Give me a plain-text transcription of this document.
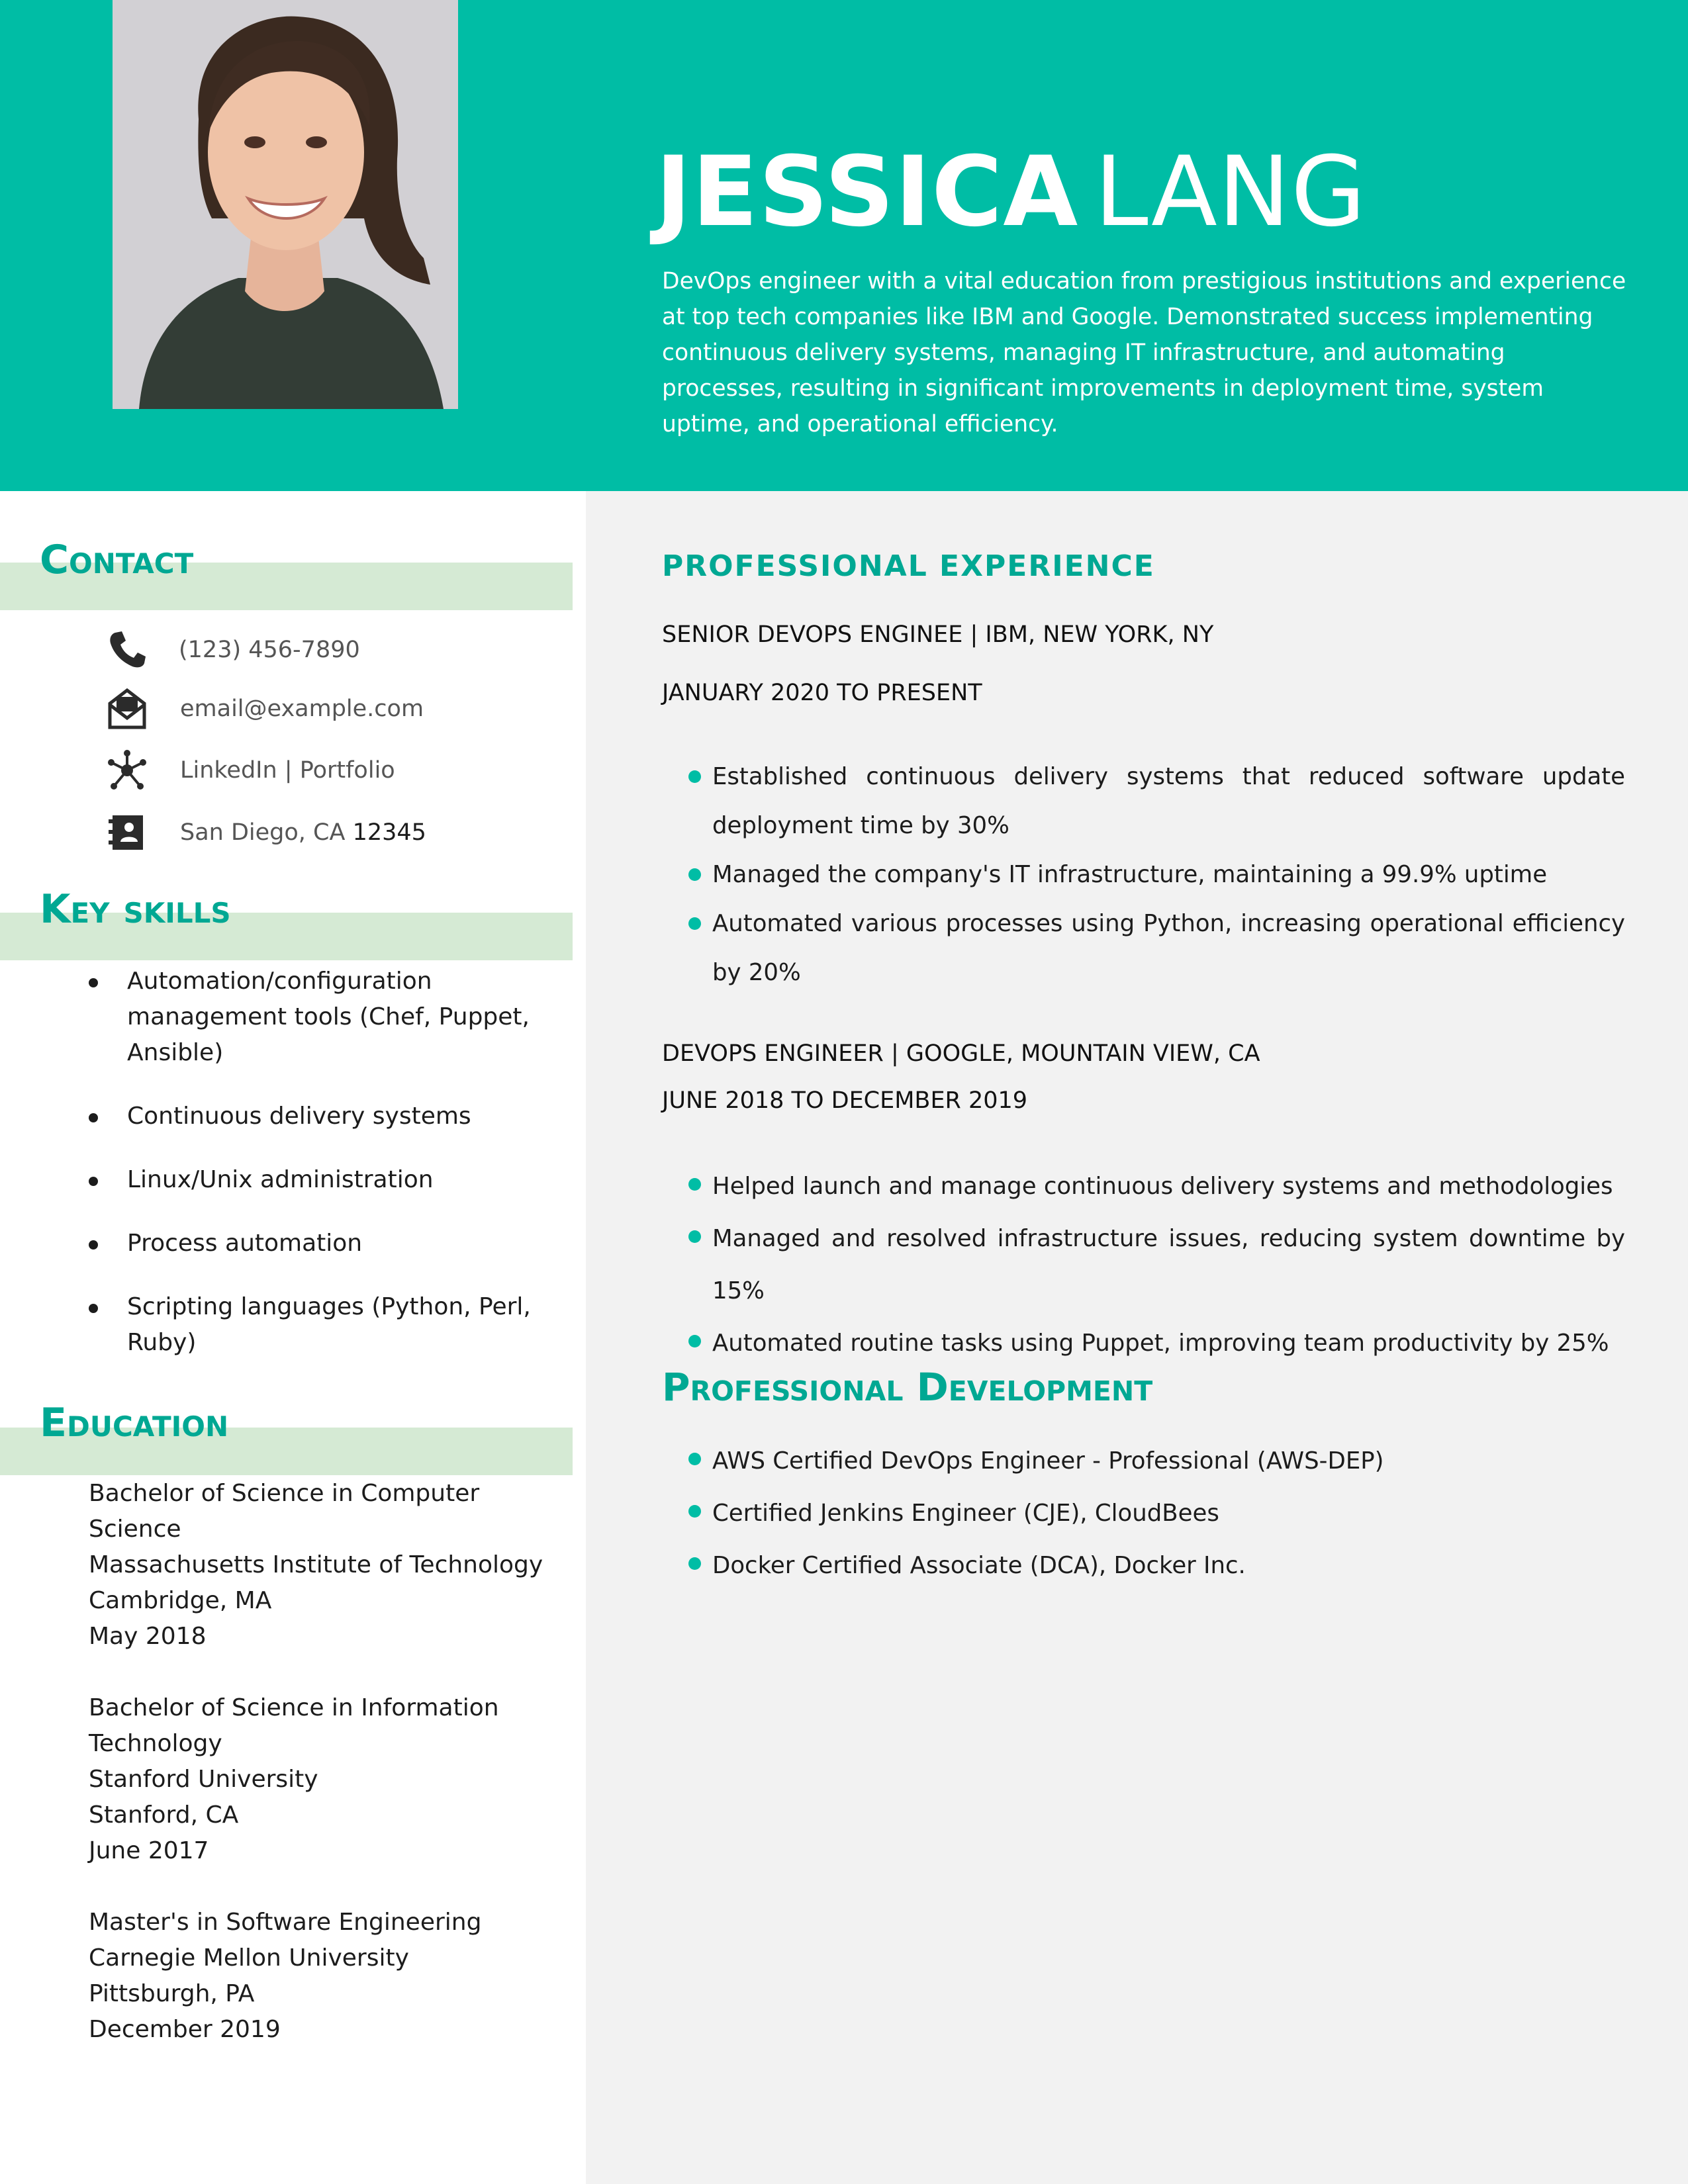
JESSICA LANG
DevOps engineer with a vital education from prestigious institutions and experience at top tech companies like IBM and Google. Demonstrated success implementing continuous delivery systems, managing IT infrastructure, and automating processes, resulting in significant improvements in deployment time, system uptime, and operational efficiency.
Contact
(123) 456-7890
email@example.com
LinkedIn | Portfolio
San Diego, CA 12345
Key skills
Automation/configuration management tools (Chef, Puppet, Ansible)
Continuous delivery systems
Linux/Unix administration
Process automation
Scripting languages (Python, Perl, Ruby)
Education
Bachelor of Science in Computer Science
Massachusetts Institute of Technology
Cambridge, MA
May 2018
Bachelor of Science in Information Technology
Stanford University
Stanford, CA
June 2017
Master's in Software Engineering
Carnegie Mellon University
Pittsburgh, PA
December 2019
PROFESSIONAL EXPERIENCE
SENIOR DEVOPS ENGINEE | IBM, NEW YORK, NY
JANUARY 2020 TO PRESENT
Established continuous delivery systems that reduced software update deployment time by 30%
Managed the company's IT infrastructure, maintaining a 99.9% uptime
Automated various processes using Python, increasing operational efficiency by 20%
DEVOPS ENGINEER | GOOGLE, MOUNTAIN VIEW, CA
JUNE 2018 TO DECEMBER 2019
Helped launch and manage continuous delivery systems and methodologies
Managed and resolved infrastructure issues, reducing system downtime by 15%
Automated routine tasks using Puppet, improving team productivity by 25%
Professional Development
AWS Certified DevOps Engineer - Professional (AWS-DEP)
Certified Jenkins Engineer (CJE), CloudBees
Docker Certified Associate (DCA), Docker Inc.
